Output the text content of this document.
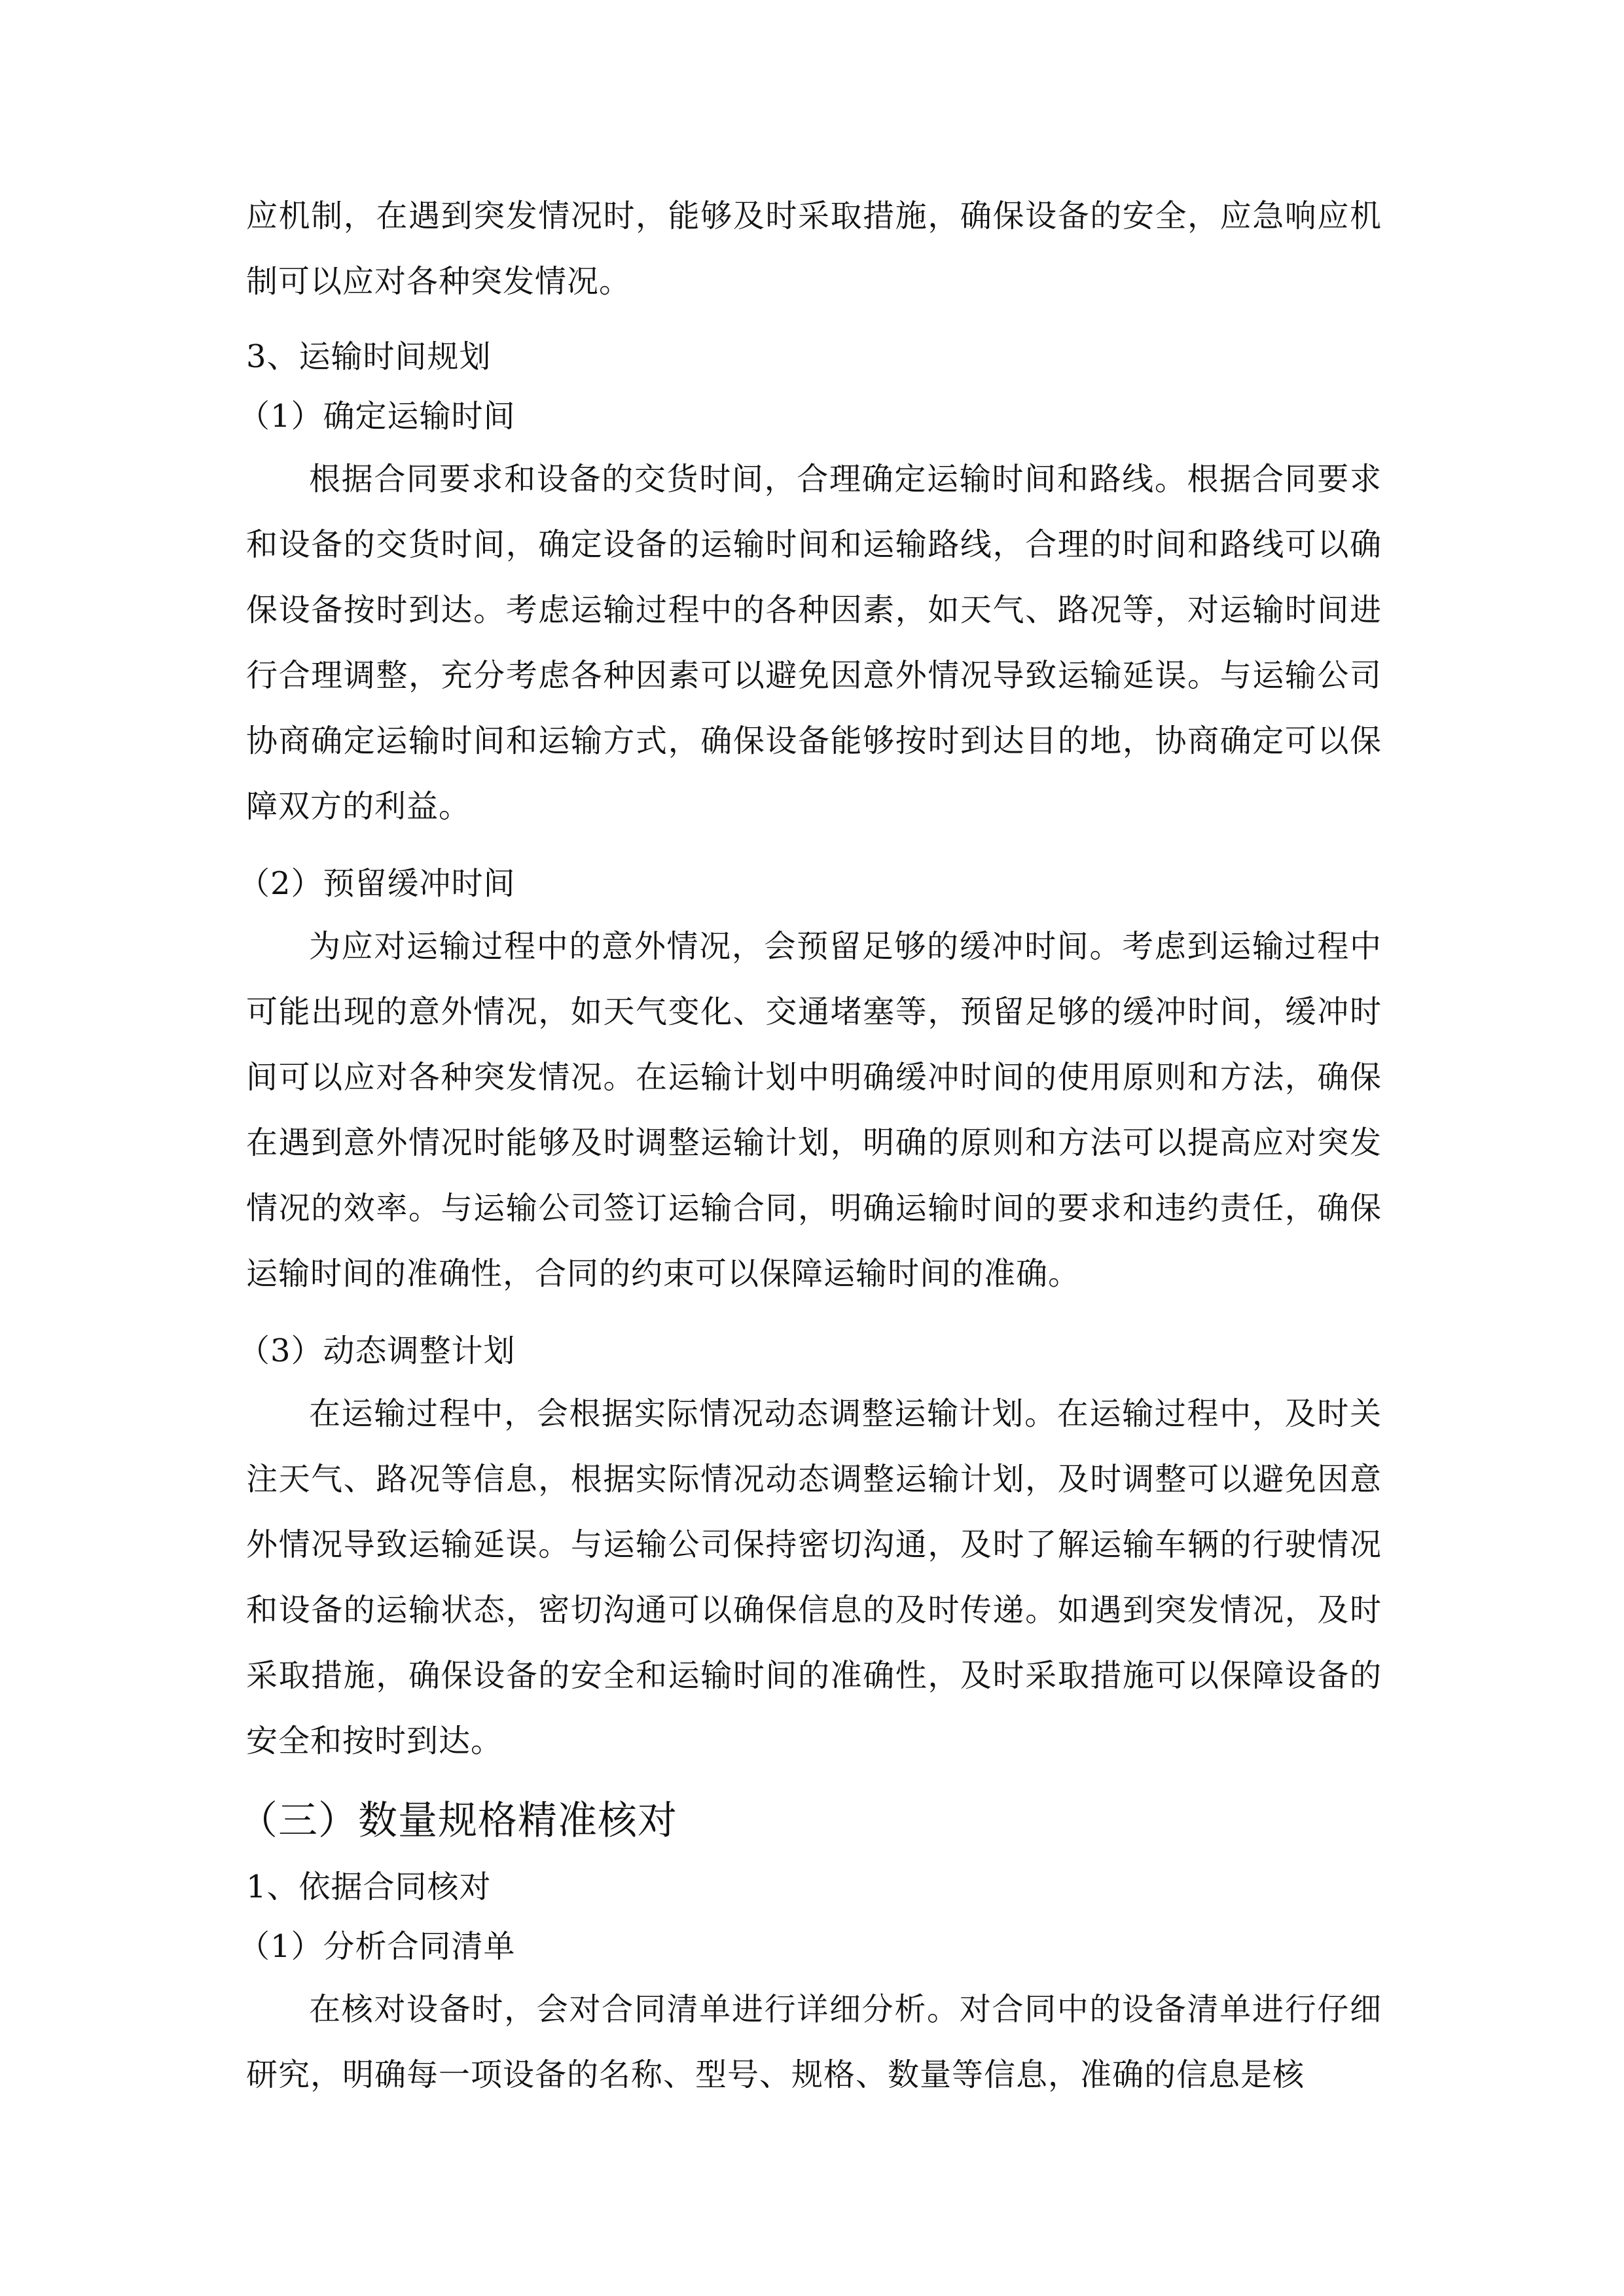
应机制，在遇到突发情况时，能够及时采取措施，确保设备的安全，应急响应机制可以应对各种突发情况。

3、运输时间规划

（1）确定运输时间

根据合同要求和设备的交货时间，合理确定运输时间和路线。根据合同要求和设备的交货时间，确定设备的运输时间和运输路线，合理的时间和路线可以确保设备按时到达。考虑运输过程中的各种因素，如天气、路况等，对运输时间进行合理调整，充分考虑各种因素可以避免因意外情况导致运输延误。与运输公司协商确定运输时间和运输方式，确保设备能够按时到达目的地，协商确定可以保障双方的利益。

（2）预留缓冲时间

为应对运输过程中的意外情况，会预留足够的缓冲时间。考虑到运输过程中可能出现的意外情况，如天气变化、交通堵塞等，预留足够的缓冲时间，缓冲时间可以应对各种突发情况。在运输计划中明确缓冲时间的使用原则和方法，确保在遇到意外情况时能够及时调整运输计划，明确的原则和方法可以提高应对突发情况的效率。与运输公司签订运输合同，明确运输时间的要求和违约责任，确保运输时间的准确性，合同的约束可以保障运输时间的准确。

（3）动态调整计划

在运输过程中，会根据实际情况动态调整运输计划。在运输过程中，及时关注天气、路况等信息，根据实际情况动态调整运输计划，及时调整可以避免因意外情况导致运输延误。与运输公司保持密切沟通，及时了解运输车辆的行驶情况和设备的运输状态，密切沟通可以确保信息的及时传递。如遇到突发情况，及时采取措施，确保设备的安全和运输时间的准确性，及时采取措施可以保障设备的安全和按时到达。

（三）数量规格精准核对

1、依据合同核对

（1）分析合同清单

在核对设备时，会对合同清单进行详细分析。对合同中的设备清单进行仔细研究，明确每一项设备的名称、型号、规格、数量等信息，准确的信息是核
